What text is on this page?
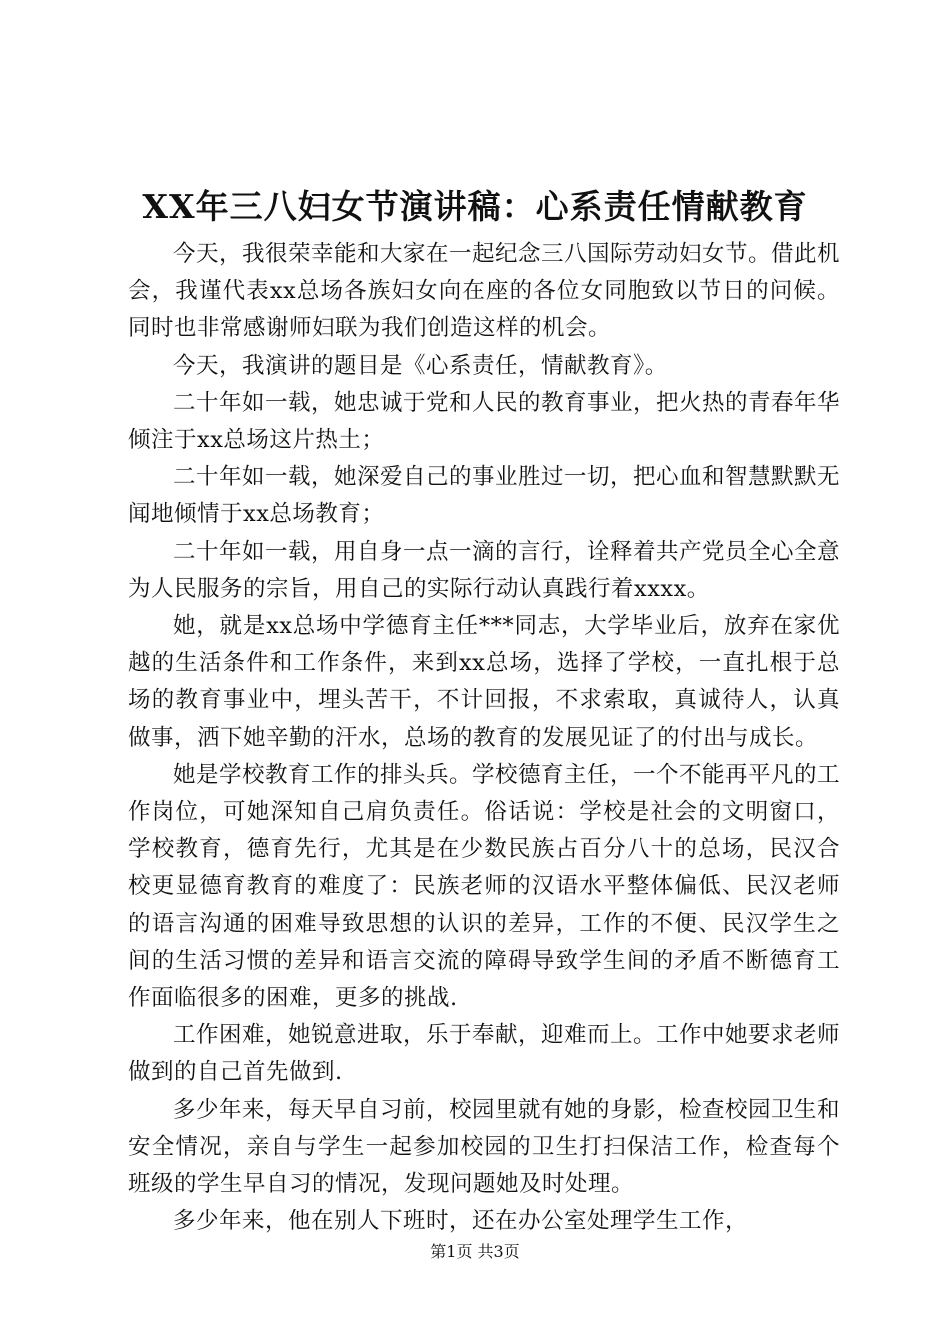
XX年三八妇女节演讲稿：心系责任情献教育

今天，我很荣幸能和大家在一起纪念三八国际劳动妇女节。借此机会，我谨代表xx总场各族妇女向在座的各位女同胞致以节日的问候。同时也非常感谢师妇联为我们创造这样的机会。

今天，我演讲的题目是《心系责任，情献教育》。

二十年如一载，她忠诚于党和人民的教育事业，把火热的青春年华倾注于xx总场这片热土；

二十年如一载，她深爱自己的事业胜过一切，把心血和智慧默默无闻地倾情于xx总场教育；

二十年如一载，用自身一点一滴的言行，诠释着共产党员全心全意为人民服务的宗旨，用自己的实际行动认真践行着xxxx。

她，就是xx总场中学德育主任***同志，大学毕业后，放弃在家优越的生活条件和工作条件，来到xx总场，选择了学校，一直扎根于总场的教育事业中，埋头苦干，不计回报，不求索取，真诚待人，认真做事，洒下她辛勤的汗水，总场的教育的发展见证了的付出与成长。

她是学校教育工作的排头兵。学校德育主任，一个不能再平凡的工作岗位，可她深知自己肩负责任。俗话说：学校是社会的文明窗口，学校教育，德育先行，尤其是在少数民族占百分八十的总场，民汉合校更显德育教育的难度了：民族老师的汉语水平整体偏低、民汉老师的语言沟通的困难导致思想的认识的差异，工作的不便、民汉学生之间的生活习惯的差异和语言交流的障碍导致学生间的矛盾不断德育工作面临很多的困难，更多的挑战.

工作困难，她锐意进取，乐于奉献，迎难而上。工作中她要求老师做到的自己首先做到.

多少年来，每天早自习前，校园里就有她的身影，检查校园卫生和安全情况，亲自与学生一起参加校园的卫生打扫保洁工作，检查每个班级的学生早自习的情况，发现问题她及时处理。

多少年来，他在别人下班时，还在办公室处理学生工作，

第1页 共3页
